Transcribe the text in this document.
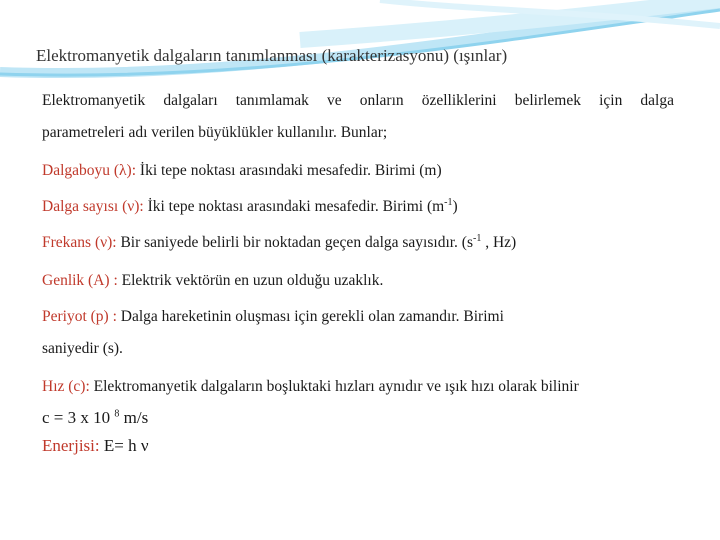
Elektromanyetik dalgaların tanımlanması (karakterizasyonu) (ışınlar)
Elektromanyetik dalgaları tanımlamak ve onların özelliklerini belirlemek için dalga
parametreleri adı verilen büyüklükler kullanılır. Bunlar;
Dalgaboyu (λ): İki tepe noktası arasındaki mesafedir. Birimi (m)
Dalga sayısı (ν): İki tepe noktası arasındaki mesafedir. Birimi $(m^{-1})$
Frekans (ν): Bir saniyede belirli bir noktadan geçen dalga sayısıdır. ($s^{-1}$ , Hz)
Genlik (A) : Elektrik vektörün en uzun olduğu uzaklık.
Periyot (p) : Dalga hareketinin oluşması için gerekli olan zamandır. Birimi
saniyedir (s).
Hız (c): Elektromanyetik dalgaların boşluktaki hızları aynıdır ve ışık hızı olarak bilinir
c = 3 x 10 $^8$ m/s
Enerjisi: E= h ν
